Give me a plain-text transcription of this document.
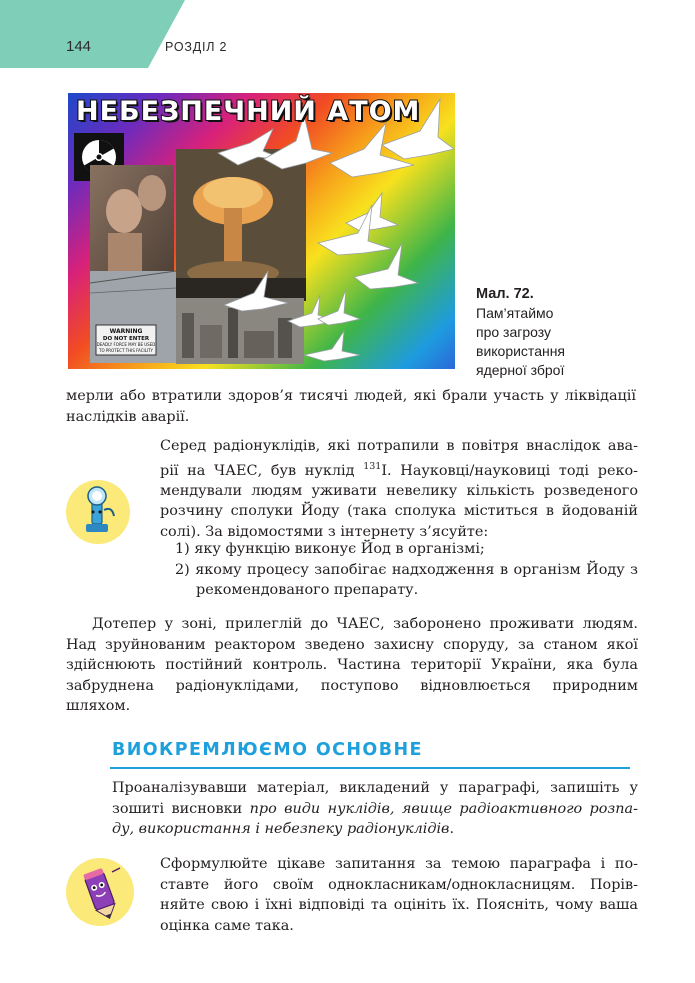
144	РОЗДІЛ 2
WARNING
DO NOT ENTER
DEADLY FORCE MAY BE USED
TO PROTECT THIS FACILITY
НЕБЕЗПЕЧНИЙ АТОМ
Мал. 72.
Пам’ятаймо
про загрозу
використання
ядерної зброї
мерли або втратили здоров’я тисячі людей, які брали участь у ліквідації
наслідків аварії.
Серед радіонуклідів, які потрапили в повітря внаслідок ава-
рії на ЧАЕС, був нуклід $^{131}$I. Науковці/науковиці тоді реко-
мендували людям уживати невелику кількість розведеного
розчину сполуки Йоду (така сполука міститься в йодованій
солі). За відомостями з інтернету з’ясуйте:
1) яку функцію виконує Йод в організмі;
2) якому процесу запобігає надходження в організм Йоду з
рекомендованого препарату.
Дотепер у зоні, прилеглій до ЧАЕС, заборонено проживати людям.
Над зруйнованим реактором зведено захисну споруду, за станом якої
здійснюють постійний контроль. Частина території України, яка була
забруднена радіонуклідами, поступово відновлюється природним
шляхом.
ВИОКРЕМЛЮЄМО ОСНОВНЕ
Проаналізувавши матеріал, викладений у параграфі, запишіть у
зошиті висновки про види нуклідів, явище радіоактивного розпа-
ду, використання і небезпеку радіонуклідів.
Сформулюйте цікаве запитання за темою параграфа і по-
ставте його своїм однокласникам/однокласницям. Порів-
няйте свою і їхні відповіді та оцініть їх. Поясніть, чому ваша
оцінка саме така.
